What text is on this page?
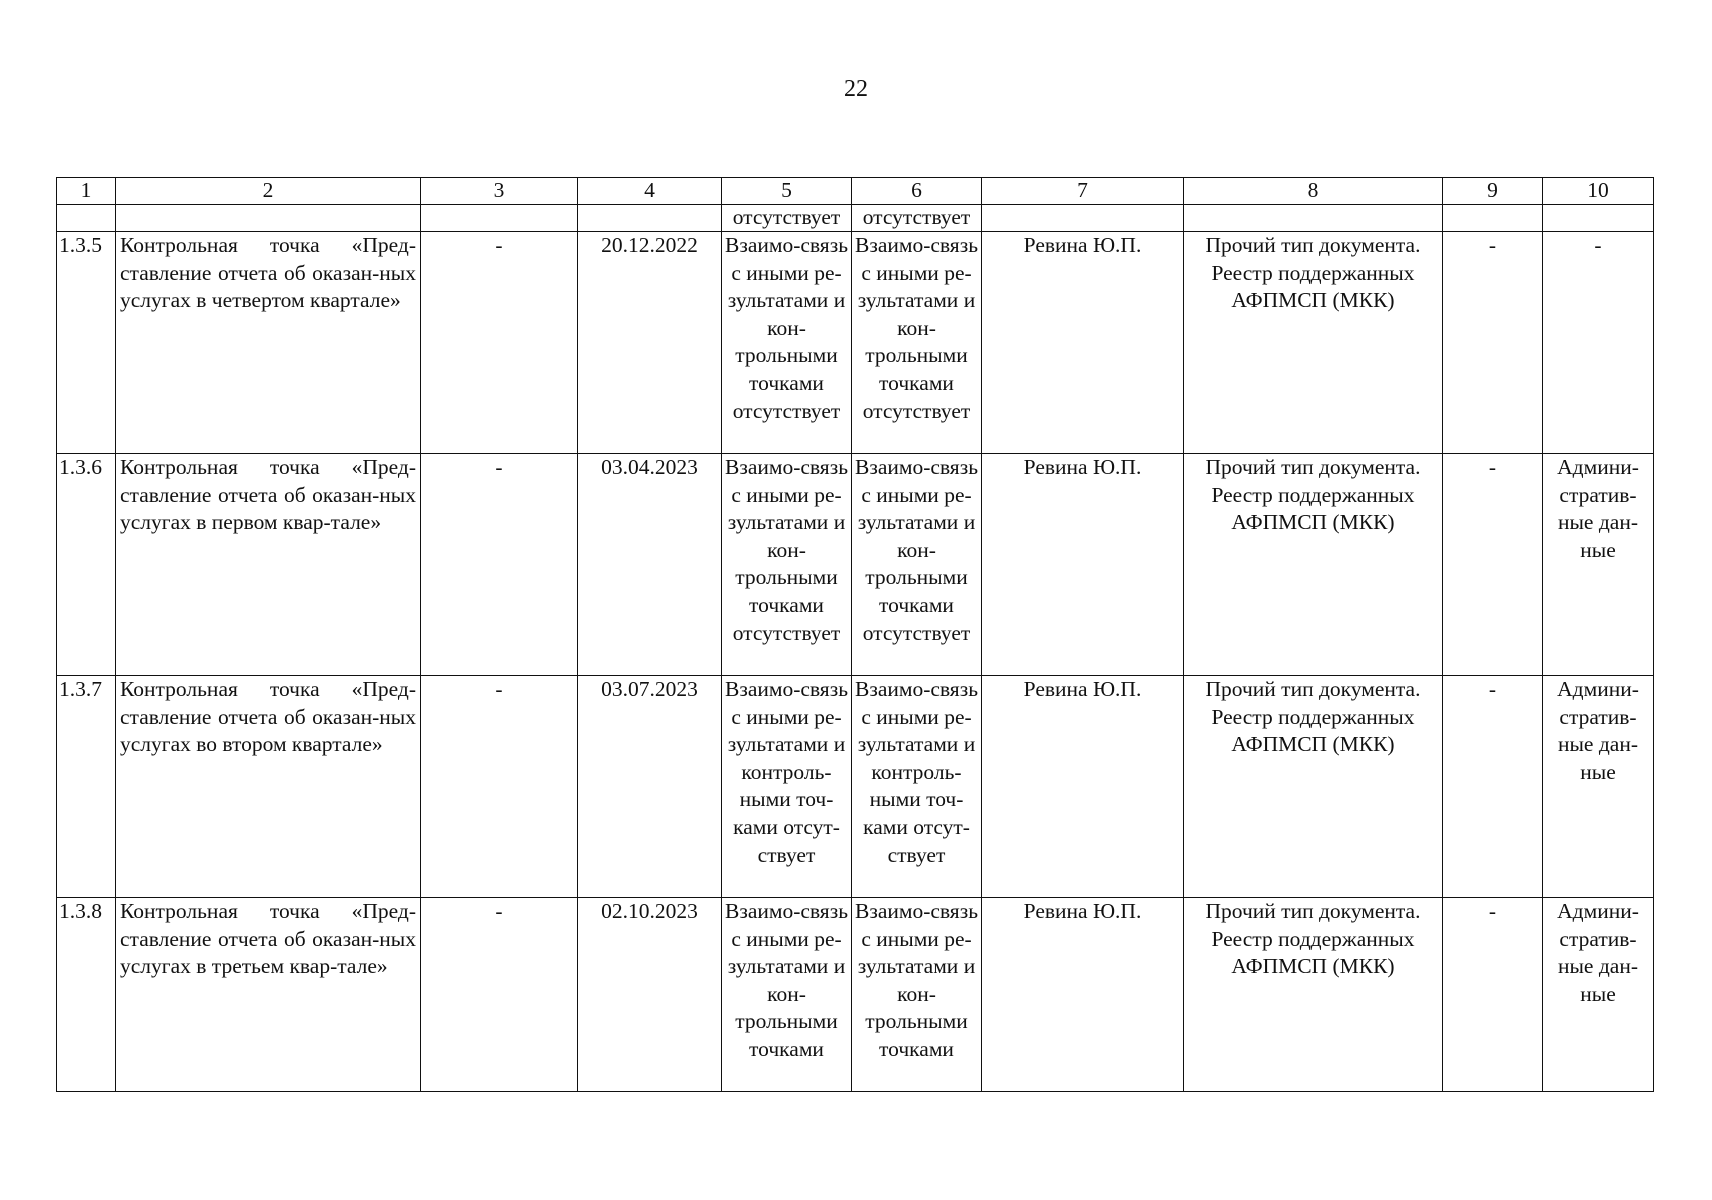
22
1	2	3	4	5	6	7	8	9	10
				отсутствует	отсутствует				
1.3.5	Контрольная точка «Пред-ставление отчета об оказан-ных услугах в четвертом квартале»	-	20.12.2022	Взаимо-связь с иными ре-зультатами и кон-трольными точками отсутствует	Взаимо-связь с иными ре-зультатами и кон-трольными точками отсутствует	Ревина Ю.П.	Прочий тип документа. Реестр поддержанных АФПМСП (МКК)	-	-
1.3.6	Контрольная точка «Пред-ставление отчета об оказан-ных услугах в первом квар-тале»	-	03.04.2023	Взаимо-связь с иными ре-зультатами и кон-трольными точками отсутствует	Взаимо-связь с иными ре-зультатами и кон-трольными точками отсутствует	Ревина Ю.П.	Прочий тип документа. Реестр поддержанных АФПМСП (МКК)	-	Админи-стратив-ные дан-ные
1.3.7	Контрольная точка «Пред-ставление отчета об оказан-ных услугах во втором квартале»	-	03.07.2023	Взаимо-связь с иными ре-зультатами и контроль-ными точ-ками отсут-ствует	Взаимо-связь с иными ре-зультатами и контроль-ными точ-ками отсут-ствует	Ревина Ю.П.	Прочий тип документа. Реестр поддержанных АФПМСП (МКК)	-	Админи-стратив-ные дан-ные
1.3.8	Контрольная точка «Пред-ставление отчета об оказан-ных услугах в третьем квар-тале»	-	02.10.2023	Взаимо-связь с иными ре-зультатами и кон-трольными точками	Взаимо-связь с иными ре-зультатами и кон-трольными точками	Ревина Ю.П.	Прочий тип документа. Реестр поддержанных АФПМСП (МКК)	-	Админи-стратив-ные дан-ные
